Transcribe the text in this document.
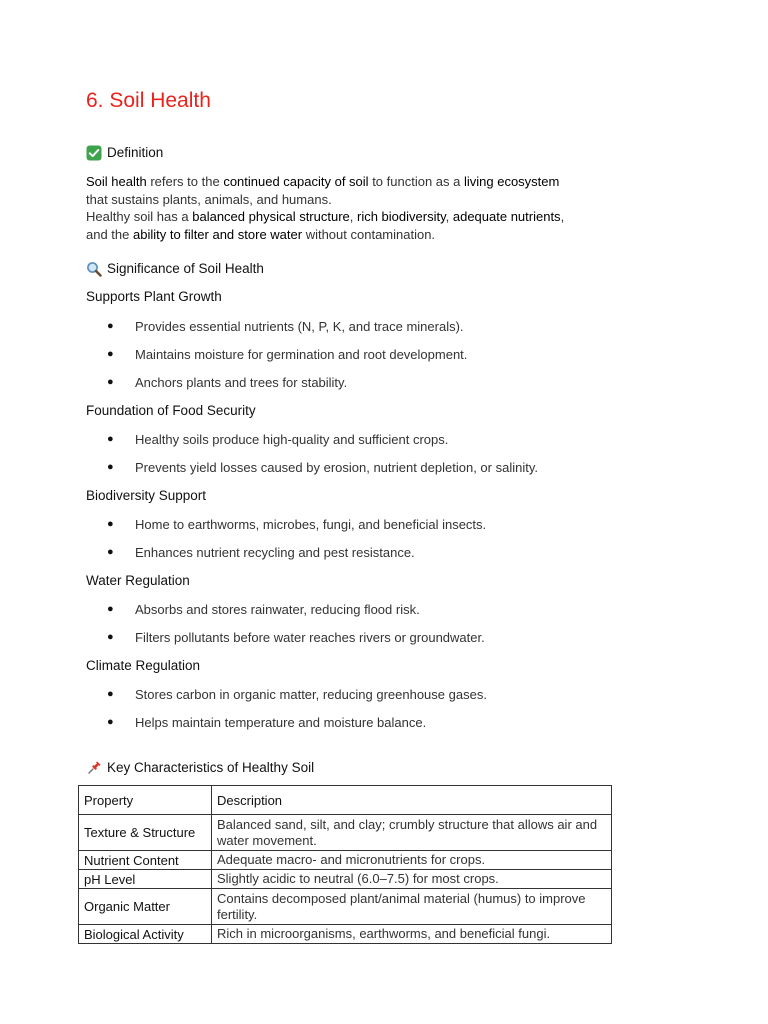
6. Soil Health
Definition
Soil health refers to the continued capacity of soil to function as a living ecosystem
that sustains plants, animals, and humans.
Healthy soil has a balanced physical structure, rich biodiversity, adequate nutrients,
and the ability to filter and store water without contamination.
Significance of Soil Health
Supports Plant Growth
●	Provides essential nutrients (N, P, K, and trace minerals).
●	Maintains moisture for germination and root development.
●	Anchors plants and trees for stability.
Foundation of Food Security
●	Healthy soils produce high-quality and sufficient crops.
●	Prevents yield losses caused by erosion, nutrient depletion, or salinity.
Biodiversity Support
●	Home to earthworms, microbes, fungi, and beneficial insects.
●	Enhances nutrient recycling and pest resistance.
Water Regulation
●	Absorbs and stores rainwater, reducing flood risk.
●	Filters pollutants before water reaches rivers or groundwater.
Climate Regulation
●	Stores carbon in organic matter, reducing greenhouse gases.
●	Helps maintain temperature and moisture balance.
Key Characteristics of Healthy Soil
Property	Description
Texture & Structure	Balanced sand, silt, and clay; crumbly structure that allows air and water movement.
Nutrient Content	Adequate macro- and micronutrients for crops.
pH Level	Slightly acidic to neutral (6.0–7.5) for most crops.
Organic Matter	Contains decomposed plant/animal material (humus) to improve fertility.
Biological Activity	Rich in microorganisms, earthworms, and beneficial fungi.
